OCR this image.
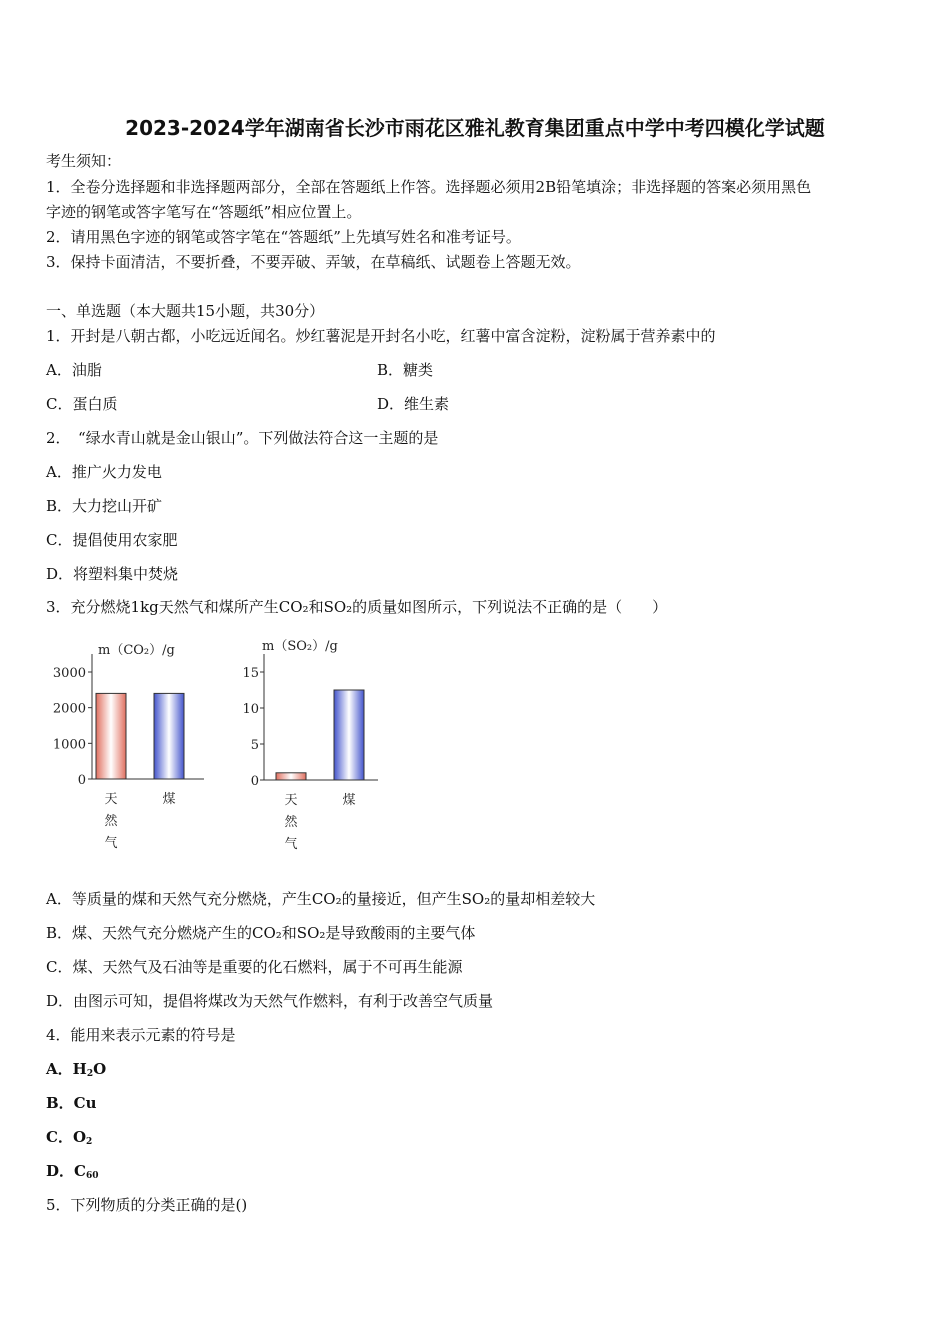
2023-2024学年湖南省长沙市雨花区雅礼教育集团重点中学中考四模化学试题
考生须知：
1．全卷分选择题和非选择题两部分，全部在答题纸上作答。选择题必须用2B铅笔填涂；非选择题的答案必须用黑色
字迹的钢笔或答字笔写在“答题纸”相应位置上。
2．请用黑色字迹的钢笔或答字笔在“答题纸”上先填写姓名和准考证号。
3．保持卡面清洁，不要折叠，不要弄破、弄皱，在草稿纸、试题卷上答题无效。
一、单选题（本大题共15小题，共30分）
1．开封是八朝古都，小吃远近闻名。炒红薯泥是开封名小吃，红薯中富含淀粉，淀粉属于营养素中的
A．油脂	B．糖类
C．蛋白质	D．维生素
2．　“绿水青山就是金山银山”。下列做法符合这一主题的是
A．推广火力发电
B．大力挖山开矿
C．提倡使用农家肥
D．将塑料集中焚烧
3．充分燃烧1kg天然气和煤所产生CO₂和SO₂的质量如图所示，下列说法不正确的是（　　）
m（CO₂）/g
0
1000
2000
3000
天
然
气
煤
m（SO₂）/g
0
5
10
15
天
然
气
煤
A．等质量的煤和天然气充分燃烧，产生CO₂的量接近，但产生SO₂的量却相差较大
B．煤、天然气充分燃烧产生的CO₂和SO₂是导致酸雨的主要气体
C．煤、天然气及石油等是重要的化石燃料，属于不可再生能源
D．由图示可知，提倡将煤改为天然气作燃料，有利于改善空气质量
4．能用来表示元素的符号是
A．$H_2O$
B．Cu
C．$O_2$
D．$C_{60}$
5．下列物质的分类正确的是()
